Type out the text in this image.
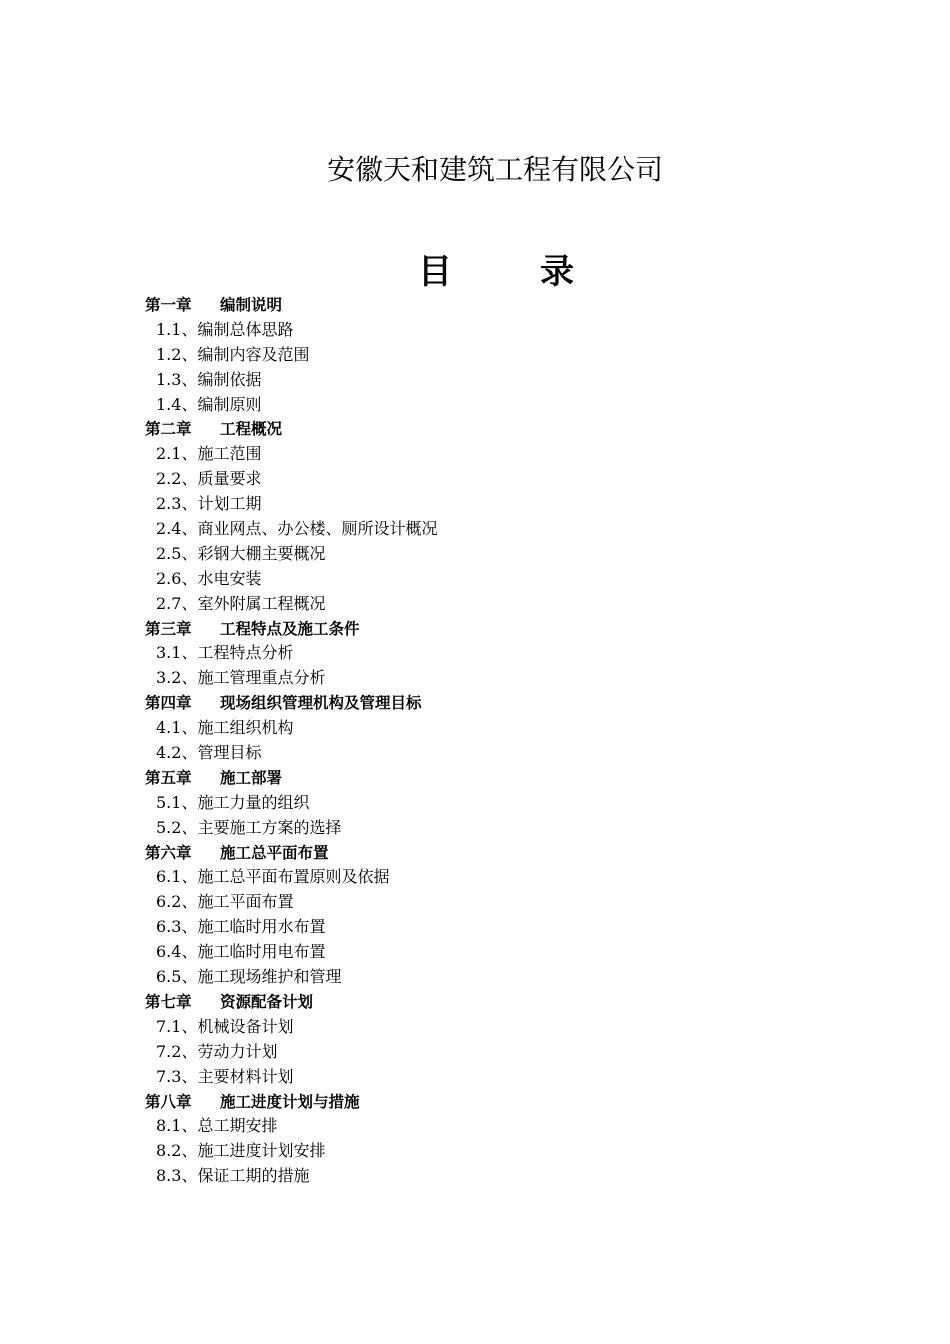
安徽天和建筑工程有限公司
目	录
第一章 编制说明
1.1、编制总体思路
1.2、编制内容及范围
1.3、编制依据
1.4、编制原则
第二章 工程概况
2.1、施工范围
2.2、质量要求
2.3、计划工期
2.4、商业网点、办公楼、厕所设计概况
2.5、彩钢大棚主要概况
2.6、水电安装
2.7、室外附属工程概况
第三章 工程特点及施工条件
3.1、工程特点分析
3.2、施工管理重点分析
第四章 现场组织管理机构及管理目标
4.1、施工组织机构
4.2、管理目标
第五章 施工部署
5.1、施工力量的组织
5.2、主要施工方案的选择
第六章 施工总平面布置
6.1、施工总平面布置原则及依据
6.2、施工平面布置
6.3、施工临时用水布置
6.4、施工临时用电布置
6.5、施工现场维护和管理
第七章 资源配备计划
7.1、机械设备计划
7.2、劳动力计划
7.3、主要材料计划
第八章 施工进度计划与措施
8.1、总工期安排
8.2、施工进度计划安排
8.3、保证工期的措施
